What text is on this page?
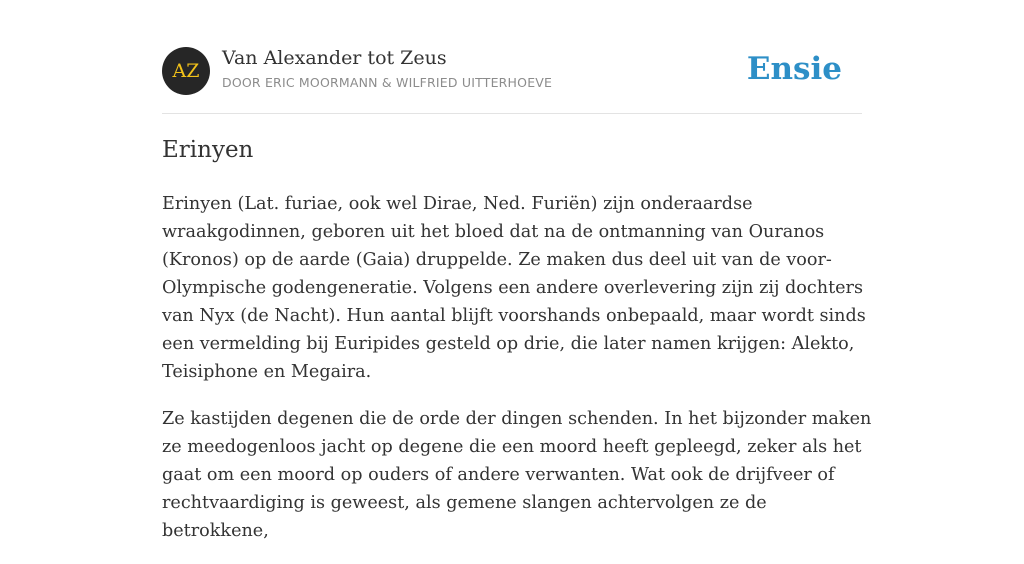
AZ
Van Alexander tot Zeus
DOOR ERIC MOORMANN & WILFRIED UITTERHOEVE	Ensie
Erinyen

Erinyen (Lat. furiae, ook wel Dirae, Ned. Furiën) zijn onderaardse wraakgodinnen, geboren uit het bloed dat na de ontmanning van Ouranos (Kronos) op de aarde (Gaia) druppelde. Ze maken dus deel uit van de voor-Olympische godengeneratie. Volgens een andere overlevering zijn zij dochters van Nyx (de Nacht). Hun aantal blijft voorshands onbepaald, maar wordt sinds een vermelding bij Euripides gesteld op drie, die later namen krijgen: Alekto, Teisiphone en Megaira.

Ze kastijden degenen die de orde der dingen schenden. In het bijzonder maken ze meedogenloos jacht op degene die een moord heeft gepleegd, zeker als het gaat om een moord op ouders of andere verwanten. Wat ook de drijfveer of rechtvaardiging is geweest, als gemene slangen achtervolgen ze de betrokkene,
